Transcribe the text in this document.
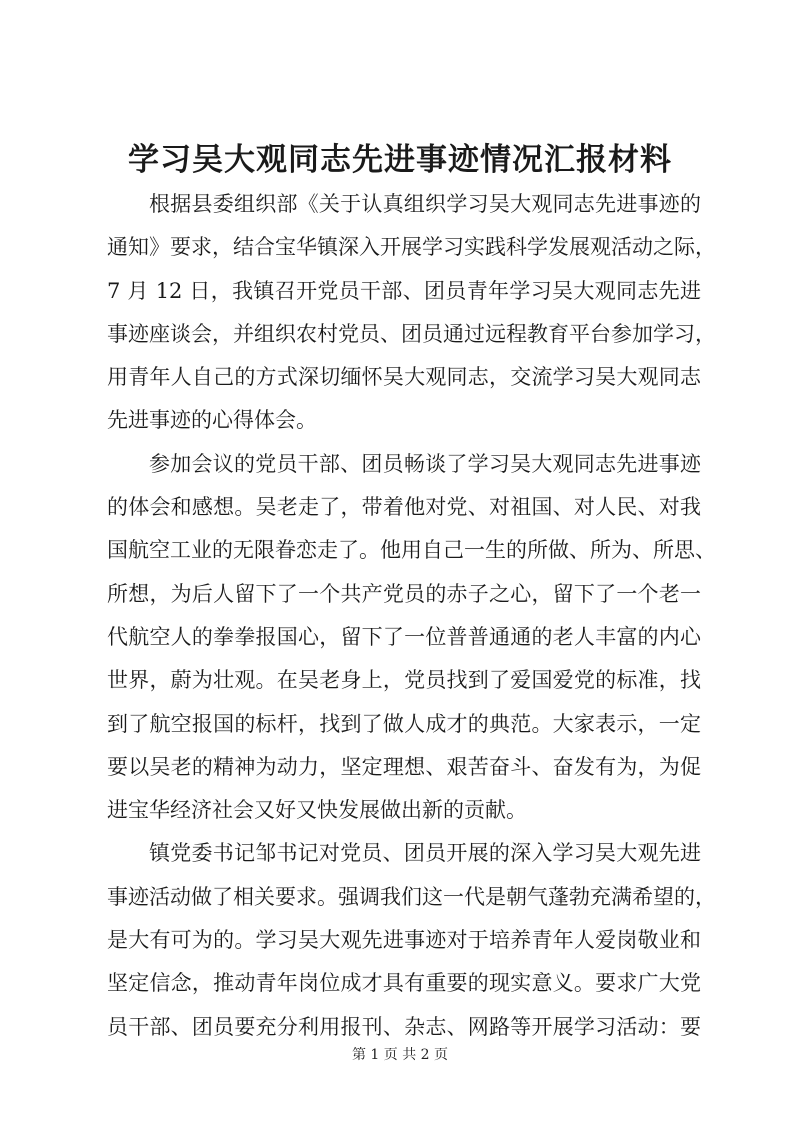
学习吴大观同志先进事迹情况汇报材料
根据县委组织部《关于认真组织学习吴大观同志先进事迹的
通知》要求，结合宝华镇深入开展学习实践科学发展观活动之际，
7 月 12 日，我镇召开党员干部、团员青年学习吴大观同志先进
事迹座谈会，并组织农村党员、团员通过远程教育平台参加学习，
用青年人自己的方式深切缅怀吴大观同志，交流学习吴大观同志
先进事迹的心得体会。
参加会议的党员干部、团员畅谈了学习吴大观同志先进事迹
的体会和感想。吴老走了，带着他对党、对祖国、对人民、对我
国航空工业的无限眷恋走了。他用自己一生的所做、所为、所思、
所想，为后人留下了一个共产党员的赤子之心，留下了一个老一
代航空人的拳拳报国心，留下了一位普普通通的老人丰富的内心
世界，蔚为壮观。在吴老身上，党员找到了爱国爱党的标准，找
到了航空报国的标杆，找到了做人成才的典范。大家表示，一定
要以吴老的精神为动力，坚定理想、艰苦奋斗、奋发有为，为促
进宝华经济社会又好又快发展做出新的贡献。
镇党委书记邹书记对党员、团员开展的深入学习吴大观先进
事迹活动做了相关要求。强调我们这一代是朝气蓬勃充满希望的，
是大有可为的。学习吴大观先进事迹对于培养青年人爱岗敬业和
坚定信念，推动青年岗位成才具有重要的现实意义。要求广大党
员干部、团员要充分利用报刊、杂志、网路等开展学习活动：要
第 1 页 共 2 页
